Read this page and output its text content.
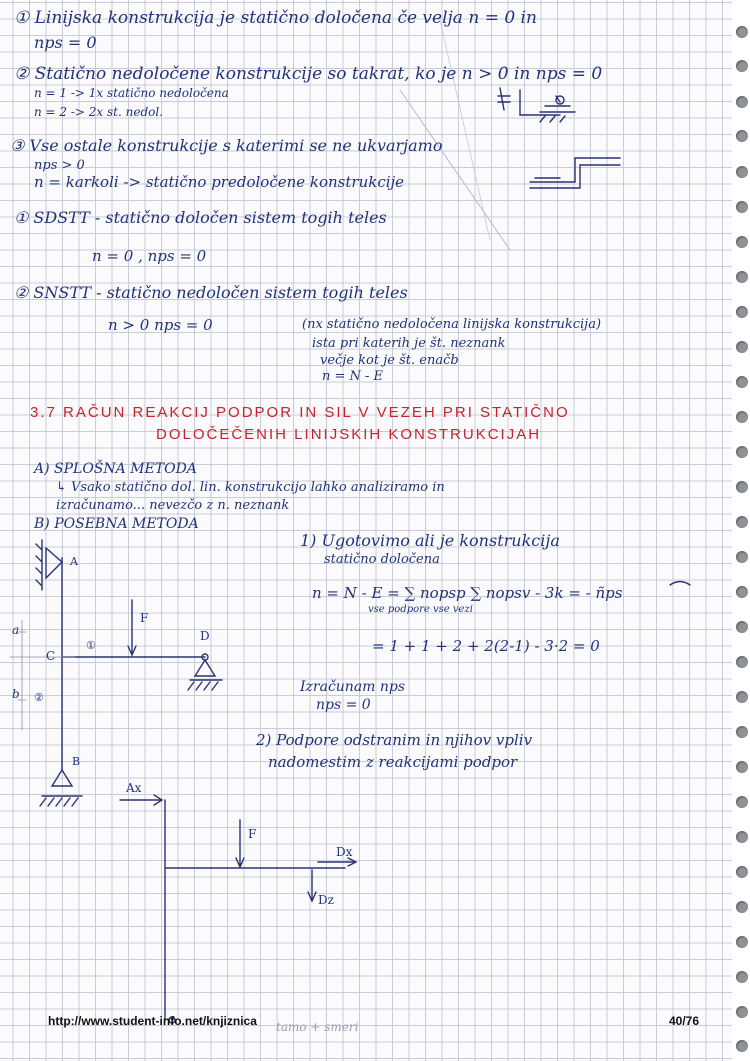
① Linijska konstrukcija je statično določena če velja n = 0 in
nps = 0
② Statično nedoločene konstrukcije so takrat, ko je n > 0 in nps = 0
n = 1 -> 1x statično nedoločena
n = 2 -> 2x st. nedol.
③ Vse ostale konstrukcije s katerimi se ne ukvarjamo
nps > 0
n = karkoli -> statično predoločene konstrukcije
① SDSTT - statično določen sistem togih teles
n = 0 , nps = 0
② SNSTT - statično nedoločen sistem togih teles
n > 0 nps = 0	(nx statično nedoločena linijska konstrukcija)
ista pri katerih je št. neznank
večje kot je št. enačb
n = N - E
3.7 RAČUN REAKCIJ PODPOR IN SIL V VEZEH PRI STATIČNO
DOLOČEČENIH LINIJSKIH KONSTRUKCIJAH
A) SPLOŠNA METODA
↳ Vsako statično dol. lin. konstrukcijo lahko analiziramo in
izračunamo... nevezčo z n. neznank
B) POSEBNA METODA
1) Ugotovimo ali je konstrukcija
statično določena
n = N - E = ∑ nopsp ∑ nopsv - 3k = - ñps
vse podpore vse vezi
= 1 + 1 + 2 + 2(2-1) - 3·2 = 0
Izračunam nps
nps = 0
2) Podpore odstranim in njihov vpliv
nadomestim z reakcijami podpor
A
B
C
D
F
a
b
①
②
Ax
F
Dx
Dz
tamo + smeri
http://www.student-info.net/knjiznica	40/76
